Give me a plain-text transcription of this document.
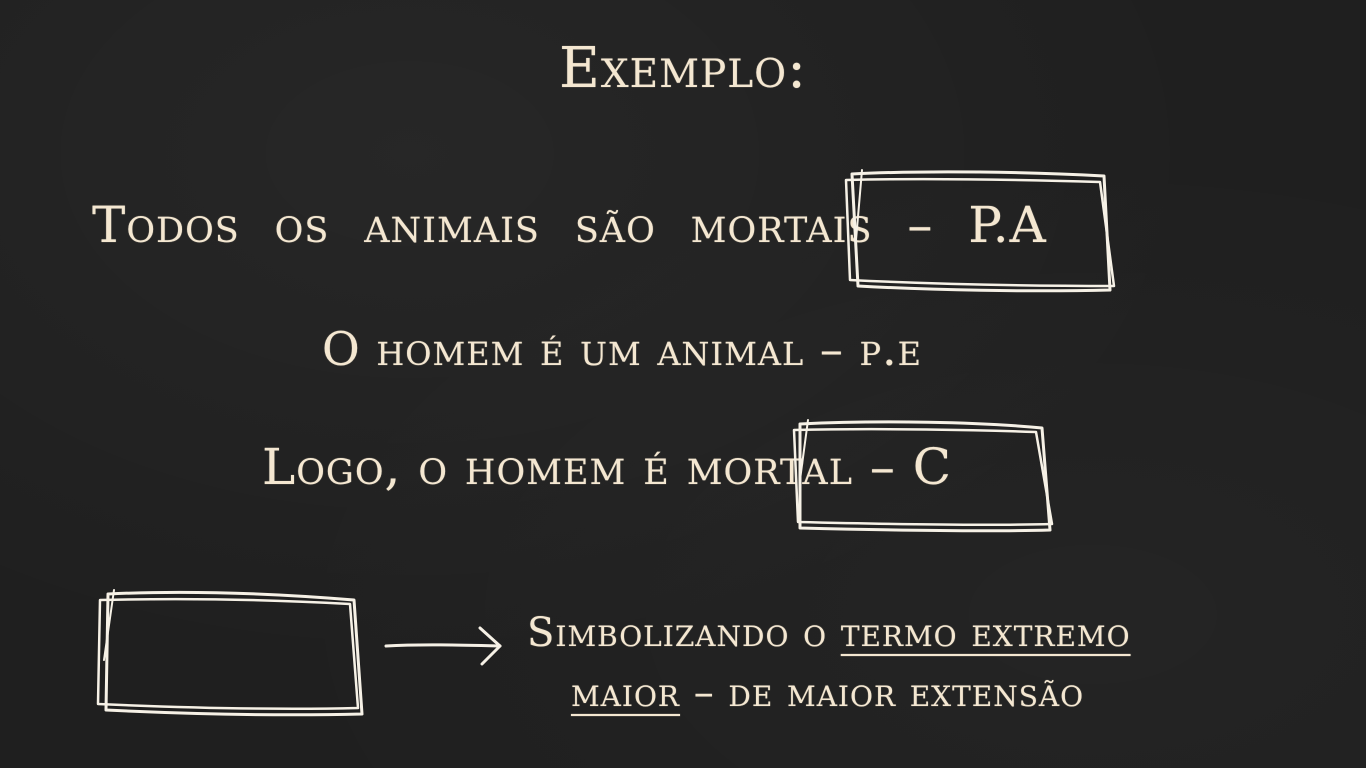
Exemplo:
Todos os animais são mortais – P.A
O homem é um animal – p.e
Logo, o homem é mortal – C
Simbolizando o termo extremo
maior – de maior extensão
